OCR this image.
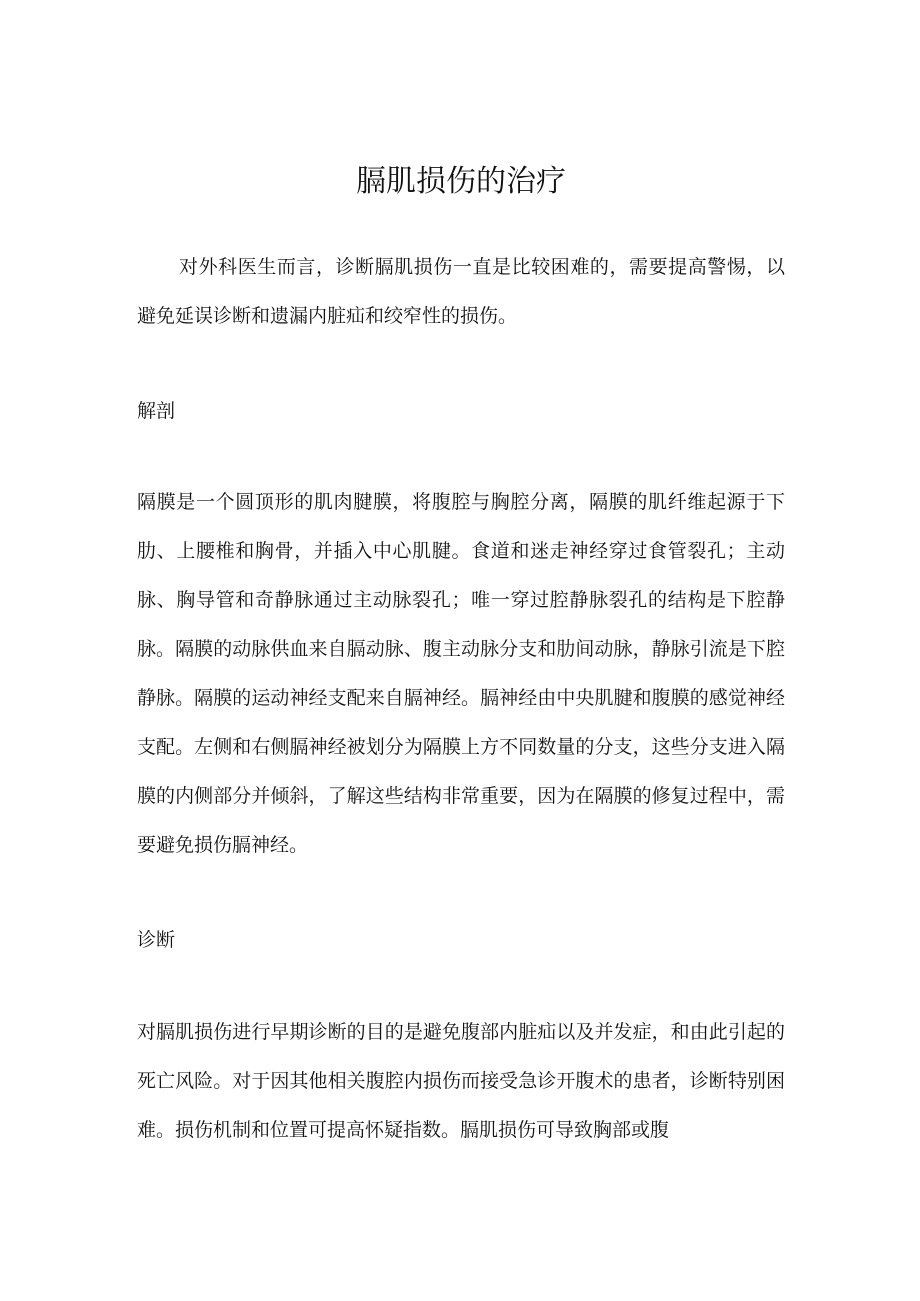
膈肌损伤的治疗

对外科医生而言，诊断膈肌损伤一直是比较困难的，需要提高警惕，以避免延误诊断和遗漏内脏疝和绞窄性的损伤。

解剖

隔膜是一个圆顶形的肌肉腱膜，将腹腔与胸腔分离，隔膜的肌纤维起源于下肋、上腰椎和胸骨，并插入中心肌腱。食道和迷走神经穿过食管裂孔；主动脉、胸导管和奇静脉通过主动脉裂孔；唯一穿过腔静脉裂孔的结构是下腔静脉。隔膜的动脉供血来自膈动脉、腹主动脉分支和肋间动脉，静脉引流是下腔静脉。隔膜的运动神经支配来自膈神经。膈神经由中央肌腱和腹膜的感觉神经支配。左侧和右侧膈神经被划分为隔膜上方不同数量的分支，这些分支进入隔膜的内侧部分并倾斜，了解这些结构非常重要，因为在隔膜的修复过程中，需要避免损伤膈神经。

诊断

对膈肌损伤进行早期诊断的目的是避免腹部内脏疝以及并发症，和由此引起的死亡风险。对于因其他相关腹腔内损伤而接受急诊开腹术的患者，诊断特别困难。损伤机制和位置可提高怀疑指数。膈肌损伤可导致胸部或腹
